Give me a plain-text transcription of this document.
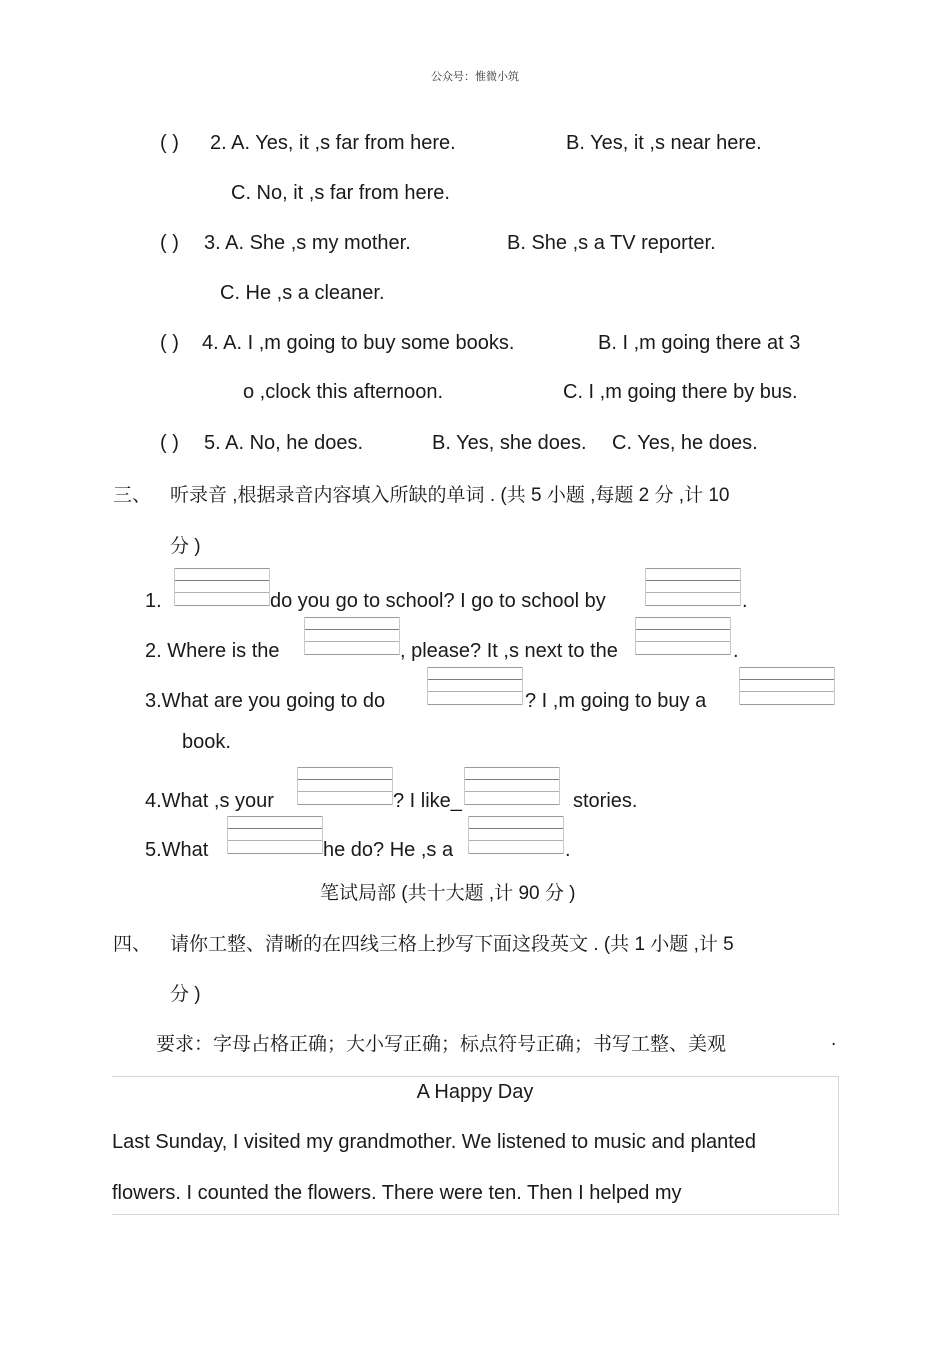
公众号：惟微小筑
( ) 2. A. Yes, it ,s far from here.	B. Yes, it ,s near here.
C. No, it ,s far from here.
( ) 3. A. She ,s my mother.	B. She ,s a TV reporter.
C. He ,s a cleaner.
( ) 4. A. I ,m going to buy some books.	B. I ,m going there at 3
o ,clock this afternoon.	C. I ,m going there by bus.
( ) 5. A. No, he does.	B. Yes, she does. C. Yes, he does.
三、 听录音 ,根据录音内容填入所缺的单词 . (共 5 小题 ,每题 2 分 ,计 10
分 )
1.	do you go to school? I go to school by	.
2. Where is the	, please? It ,s next to the	.
3.What are you going to do	? I ,m going to buy a
book.
4.What ,s your	? I like_	stories.
5.What	he do? He ,s a	.
笔试局部 (共十大题 ,计 90 分 )
四、 请你工整、清晰的在四线三格上抄写下面这段英文 . (共 1 小题 ,计 5
分 )
要求：字母占格正确；大小写正确；标点符号正确；书写工整、美观	.
A Happy Day
Last Sunday, I visited my grandmother. We listened to music and planted
flowers. I counted the flowers. There were ten. Then I helped my
